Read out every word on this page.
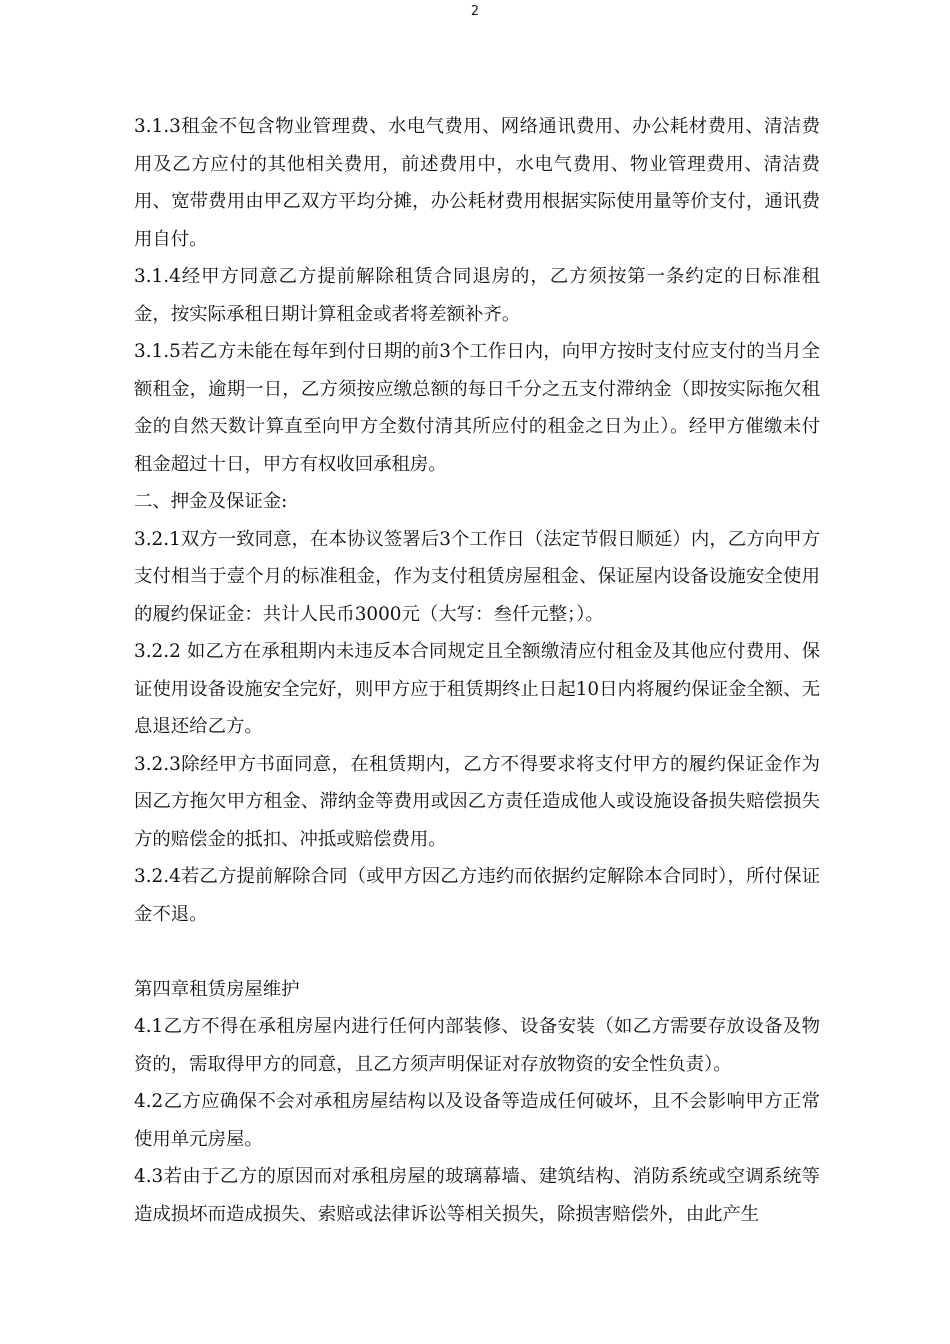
2

3.1.3租金不包含物业管理费、水电气费用、网络通讯费用、办公耗材费用、清洁费用及乙方应付的其他相关费用，前述费用中，水电气费用、物业管理费用、清洁费用、宽带费用由甲乙双方平均分摊，办公耗材费用根据实际使用量等价支付，通讯费用自付。

3.1.4经甲方同意乙方提前解除租赁合同退房的，乙方须按第一条约定的日标准租金，按实际承租日期计算租金或者将差额补齐。

3.1.5若乙方未能在每年到付日期的前3个工作日内，向甲方按时支付应支付的当月全额租金，逾期一日，乙方须按应缴总额的每日千分之五支付滞纳金（即按实际拖欠租金的自然天数计算直至向甲方全数付清其所应付的租金之日为止）。经甲方催缴未付租金超过十日，甲方有权收回承租房。

二、押金及保证金:

3.2.1双方一致同意，在本协议签署后3个工作日（法定节假日顺延）内，乙方向甲方支付相当于壹个月的标准租金，作为支付租赁房屋租金、保证屋内设备设施安全使用的履约保证金：共计人民币3000元（大写：叁仟元整；）。

3.2.2 如乙方在承租期内未违反本合同规定且全额缴清应付租金及其他应付费用、保证使用设备设施安全完好，则甲方应于租赁期终止日起10日内将履约保证金全额、无息退还给乙方。

3.2.3除经甲方书面同意，在租赁期内，乙方不得要求将支付甲方的履约保证金作为因乙方拖欠甲方租金、滞纳金等费用或因乙方责任造成他人或设施设备损失赔偿损失方的赔偿金的抵扣、冲抵或赔偿费用。

3.2.4若乙方提前解除合同（或甲方因乙方违约而依据约定解除本合同时），所付保证金不退。

第四章租赁房屋维护

4.1乙方不得在承租房屋内进行任何内部装修、设备安装（如乙方需要存放设备及物资的，需取得甲方的同意，且乙方须声明保证对存放物资的安全性负责）。

4.2乙方应确保不会对承租房屋结构以及设备等造成任何破坏，且不会影响甲方正常使用单元房屋。

4.3若由于乙方的原因而对承租房屋的玻璃幕墙、建筑结构、消防系统或空调系统等造成损坏而造成损失、索赔或法律诉讼等相关损失，除损害赔偿外，由此产生
